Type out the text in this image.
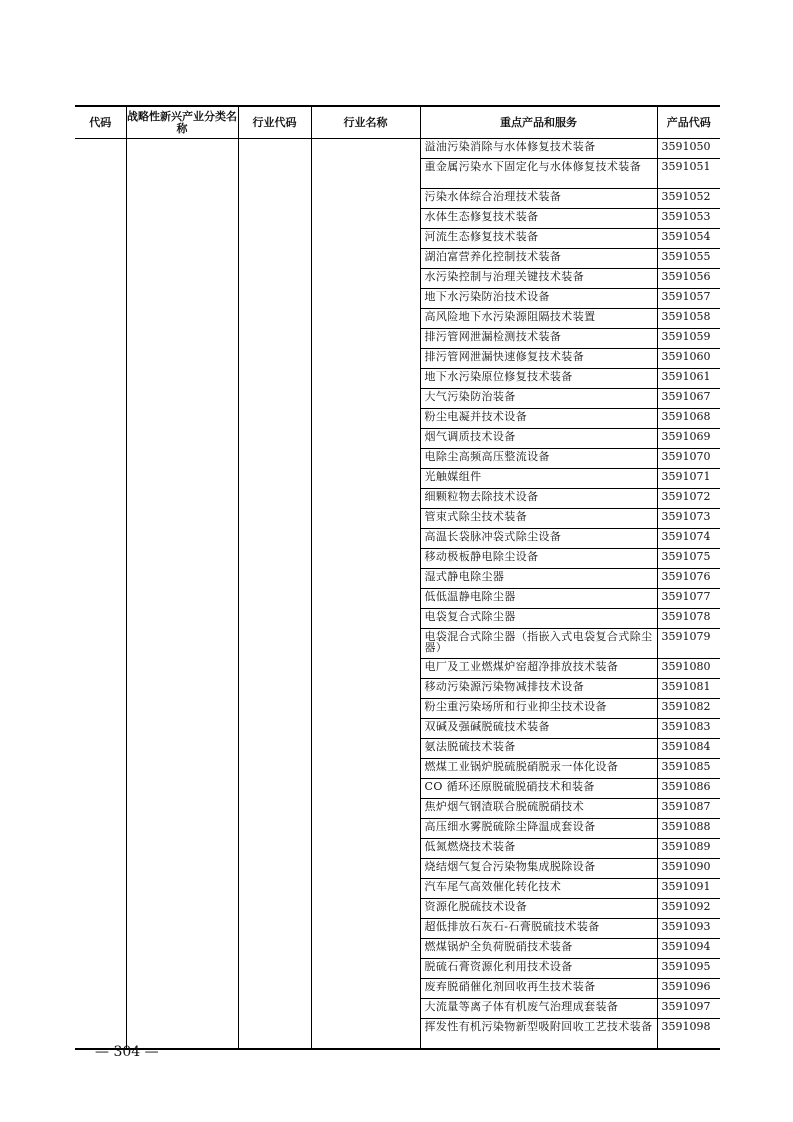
代码	战略性新兴产业分类名称	行业代码	行业名称	重点产品和服务	产品代码
				溢油污染消除与水体修复技术装备	3591050
				重金属污染水下固定化与水体修复技术装备	3591051
				污染水体综合治理技术装备	3591052
				水体生态修复技术装备	3591053
				河流生态修复技术装备	3591054
				湖泊富营养化控制技术装备	3591055
				水污染控制与治理关键技术装备	3591056
				地下水污染防治技术设备	3591057
				高风险地下水污染源阻隔技术装置	3591058
				排污管网泄漏检测技术装备	3591059
				排污管网泄漏快速修复技术装备	3591060
				地下水污染原位修复技术装备	3591061
				大气污染防治装备	3591067
				粉尘电凝并技术设备	3591068
				烟气调质技术设备	3591069
				电除尘高频高压整流设备	3591070
				光触媒组件	3591071
				细颗粒物去除技术设备	3591072
				管束式除尘技术装备	3591073
				高温长袋脉冲袋式除尘设备	3591074
				移动极板静电除尘设备	3591075
				湿式静电除尘器	3591076
				低低温静电除尘器	3591077
				电袋复合式除尘器	3591078
				电袋混合式除尘器（指嵌入式电袋复合式除尘器）	3591079
				电厂及工业燃煤炉窑超净排放技术装备	3591080
				移动污染源污染物减排技术设备	3591081
				粉尘重污染场所和行业抑尘技术设备	3591082
				双碱及强碱脱硫技术装备	3591083
				氨法脱硫技术装备	3591084
				燃煤工业锅炉脱硫脱硝脱汞一体化设备	3591085
				CO 循环还原脱硫脱硝技术和装备	3591086
				焦炉烟气钢渣联合脱硫脱硝技术	3591087
				高压细水雾脱硫除尘降温成套设备	3591088
				低氮燃烧技术装备	3591089
				烧结烟气复合污染物集成脱除设备	3591090
				汽车尾气高效催化转化技术	3591091
				资源化脱硫技术设备	3591092
				超低排放石灰石-石膏脱硫技术装备	3591093
				燃煤锅炉全负荷脱硝技术装备	3591094
				脱硫石膏资源化利用技术设备	3591095
				废弃脱硝催化剂回收再生技术装备	3591096
				大流量等离子体有机废气治理成套装备	3591097
				挥发性有机污染物新型吸附回收工艺技术装备	3591098
— 304 —
